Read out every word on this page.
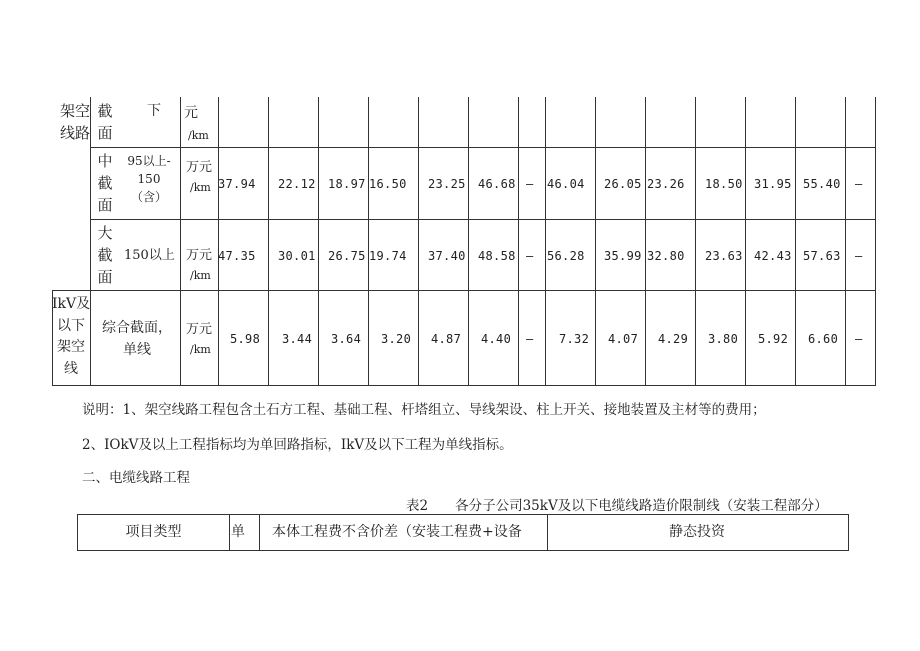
架空
线路
截
面
下 元
/km
中
截
面
95以上-
150
（含）
万元
/km 37.94 22.12 18.97 16.50 23.25 46.68 — 46.04 26.05 23.26 18.50 31.95 55.40 —
大
截
面
150以上 万元
/km
47.35 30.01 26.75 19.74 37.40 48.58 — 56.28 35.99 32.80 23.63 42.43 57.63 —
IkV及
以下
架空
线
综合截面，
单线
万元
/km
5.98 3.44 3.64 3.20 4.87 4.40 — 7.32 4.07 4.29 3.80 5.92 6.60 —
说明：1、架空线路工程包含土石方工程、基础工程、杆塔组立、导线架设、柱上开关、接地装置及主材等的费用；
2、IOkV及以上工程指标均为单回路指标，IkV及以下工程为单线指标。
二、电缆线路工程
表2　　各分子公司35kV及以下电缆线路造价限制线（安装工程部分）
项目类型	单 本体工程费不含价差（安装工程费+设备	静态投资
